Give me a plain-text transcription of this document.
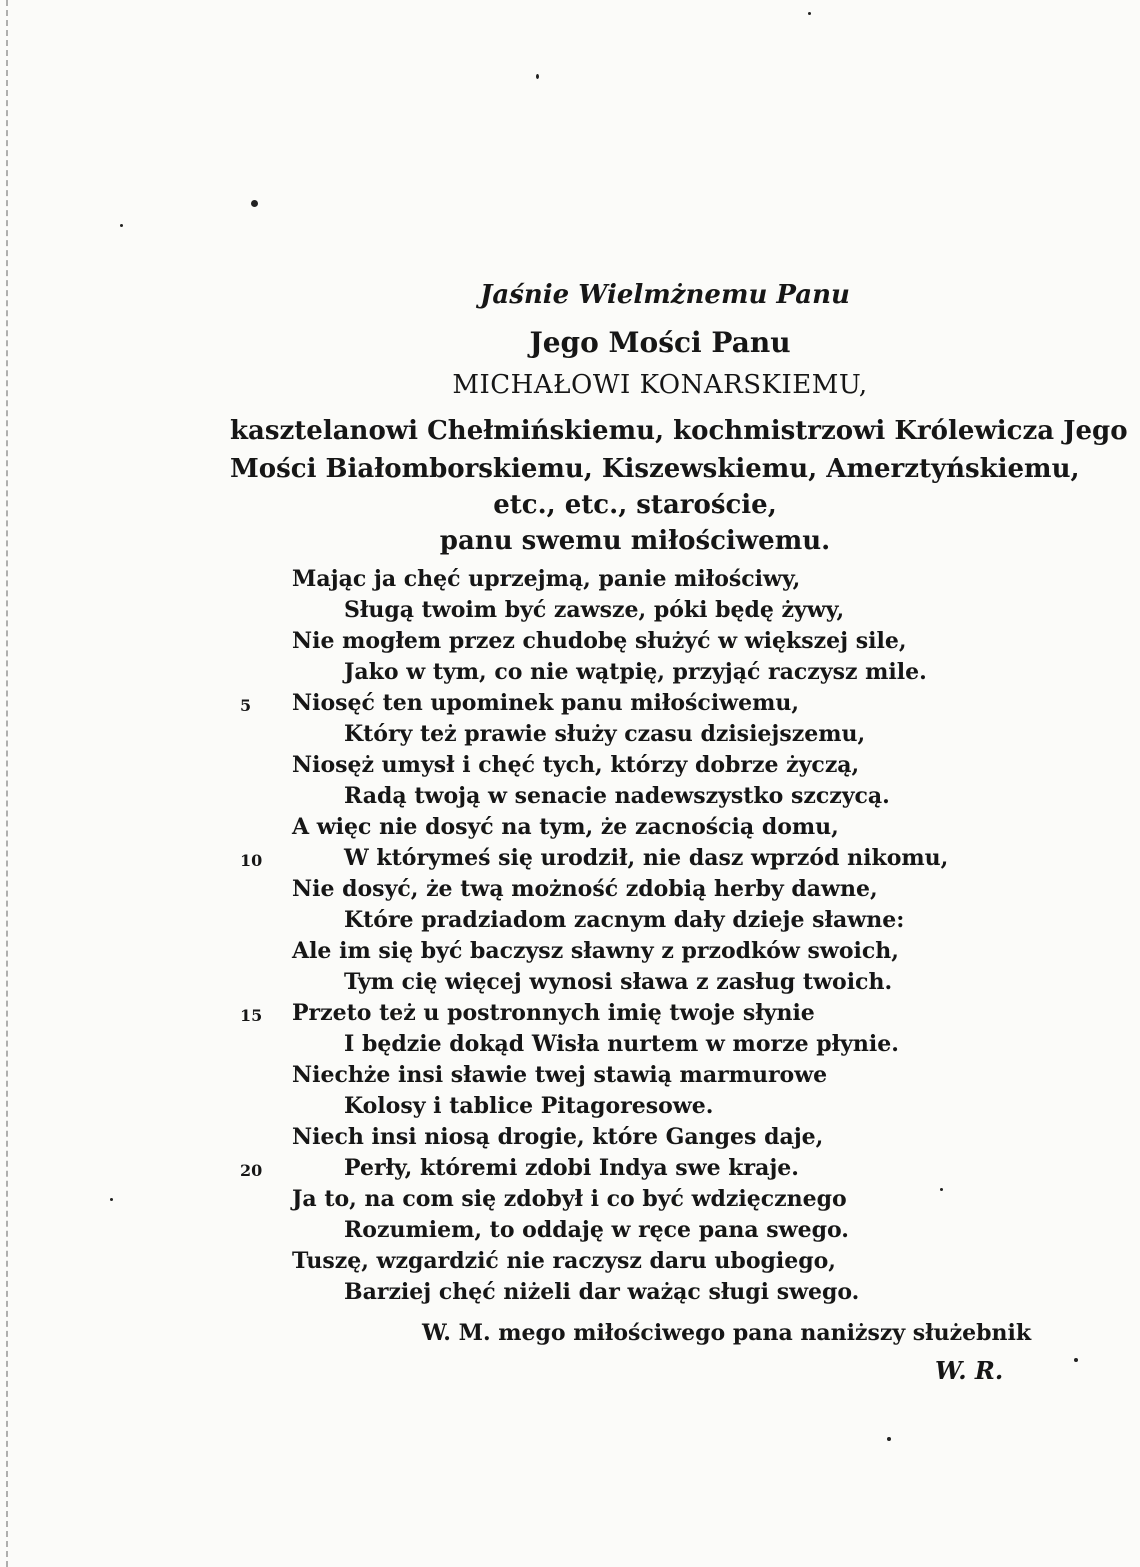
Jaśnie Wielmżnemu Panu
Jego Mości Panu
MICHAŁOWI KONARSKIEMU,
kasztelanowi Chełmińskiemu, kochmistrzowi Królewicza Jego
Mości Białomborskiemu, Kiszewskiemu, Amerztyńskiemu,
etc., etc., staroście,
panu swemu miłościwemu.
Mając ja chęć uprzejmą, panie miłościwy,
Sługą twoim być zawsze, póki będę żywy,
Nie mogłem przez chudobę służyć w większej sile,
Jako w tym, co nie wątpię, przyjąć raczysz mile.
5	Niosęć ten upominek panu miłościwemu,
Który też prawie służy czasu dzisiejszemu,
Niosęż umysł i chęć tych, którzy dobrze życzą,
Radą twoją w senacie nadewszystko szczycą.
A więc nie dosyć na tym, że zacnością domu,
10	W którymeś się urodził, nie dasz wprzód nikomu,
Nie dosyć, że twą możność zdobią herby dawne,
Które pradziadom zacnym dały dzieje sławne:
Ale im się być baczysz sławny z przodków swoich,
Tym cię więcej wynosi sława z zasług twoich.
15	Przeto też u postronnych imię twoje słynie
I będzie dokąd Wisła nurtem w morze płynie.
Niechże insi sławie twej stawią marmurowe
Kolosy i tablice Pitagoresowe.
Niech insi niosą drogie, które Ganges daje,
20	Perły, któremi zdobi Indya swe kraje.
Ja to, na com się zdobył i co być wdzięcznego
Rozumiem, to oddaję w ręce pana swego.
Tuszę, wzgardzić nie raczysz daru ubogiego,
Barziej chęć niżeli dar ważąc sługi swego.
W. M. mego miłościwego pana naniższy służebnik
W. R.
